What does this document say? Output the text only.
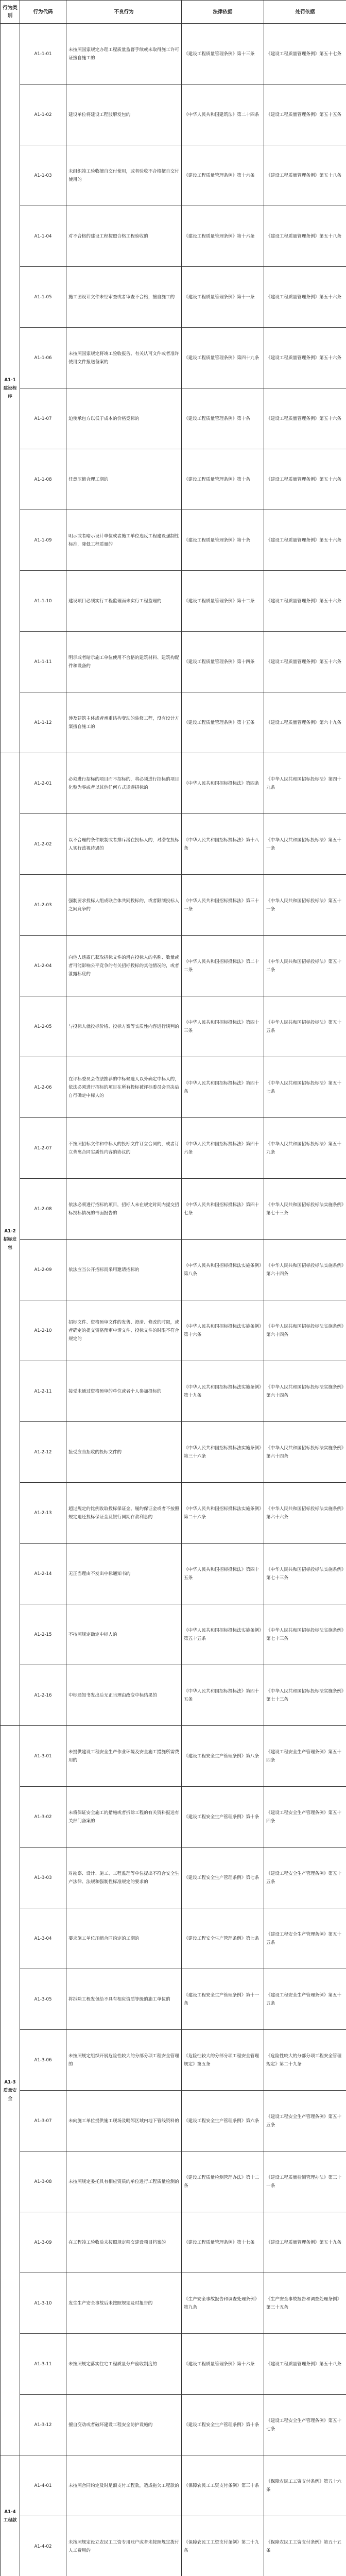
行为类别	行为代码	不良行为	法律依据	处罚依据
A1-1建设程序	A1-1-01	未按照国家规定办理工程质量监督手续或未取得施工许可证擅自施工的	《建设工程质量管理条例》第十三条	《建设工程质量管理条例》第五十七条
	A1-1-02	建设单位将建设工程肢解发包的	《中华人民共和国建筑法》第二十四条	《建设工程质量管理条例》第五十五条
	A1-1-03	未组织竣工验收擅自交付使用，或者验收不合格擅自交付使用的	《建设工程质量管理条例》第十六条	《建设工程质量管理条例》第五十八条
	A1-1-04	对不合格的建设工程按照合格工程验收的	《建设工程质量管理条例》第十六条	《建设工程质量管理条例》第五十八条
	A1-1-05	施工图设计文件未经审查或者审查不合格，擅自施工的	《建设工程质量管理条例》第十一条	《建设工程质量管理条例》第五十六条
	A1-1-06	未按照国家规定将竣工验收报告、有关认可文件或者准许使用文件报送备案的	《建设工程质量管理条例》第四十九条	《建设工程质量管理条例》第五十六条
	A1-1-07	迫使承包方以低于成本的价格竞标的	《建设工程质量管理条例》第十条	《建设工程质量管理条例》第五十六条
	A1-1-08	任意压缩合理工期的	《建设工程质量管理条例》第十条	《建设工程质量管理条例》第五十六条
	A1-1-09	明示或者暗示设计单位或者施工单位违反工程建设强制性标准，降低工程质量的	《建设工程质量管理条例》第十条	《建设工程质量管理条例》第五十六条
	A1-1-10	建设项目必须实行工程监理而未实行工程监理的	《建设工程质量管理条例》第十二条	《建设工程质量管理条例》第五十六条
	A1-1-11	明示或者暗示施工单位使用不合格的建筑材料、建筑构配件和设备的	《建设工程质量管理条例》第十四条	《建设工程质量管理条例》第五十六条
	A1-1-12	涉及建筑主体或者承重结构变动的装修工程，没有设计方案擅自施工的	《建设工程质量管理条例》第十五条	《建设工程质量管理条例》第六十九条
A1-2招标发包	A1-2-01	必须进行招标的项目而不招标的，将必须进行招标的项目化整为零或者以其他任何方式规避招标的	《中华人民共和国招标投标法》第四条	《中华人民共和国招标投标法》第四十九条
	A1-2-02	以不合理的条件限制或者排斥潜在投标人的，对潜在投标人实行歧视待遇的	《中华人民共和国招标投标法》第十八条	《中华人民共和国招标投标法》第五十一条
	A1-2-03	强制要求投标人组成联合体共同投标的，或者限制投标人之间竞争的	《中华人民共和国招标投标法》第三十一条	《中华人民共和国招标投标法》第五十一条
	A1-2-04	向他人透露已获取招标文件的潜在投标人的名称、数量或者可能影响公平竞争的有关招标投标的其他情况的，或者泄露标底的	《中华人民共和国招标投标法》第二十二条	《中华人民共和国招标投标法》第五十二条
	A1-2-05	与投标人就投标价格、投标方案等实质性内容进行谈判的	《中华人民共和国招标投标法》第四十三条	《中华人民共和国招标投标法》第五十五条
	A1-2-06	在评标委员会依法推荐的中标候选人以外确定中标人的，依法必须进行招标的项目在所有投标被评标委员会否决后自行确定中标人的	《中华人民共和国招标投标法》第四十条	《中华人民共和国招标投标法》第五十七条
	A1-2-07	不按照招标文件和中标人的投标文件订立合同的，或者订立背离合同实质性内容的协议的	《中华人民共和国招标投标法》第四十六条	《中华人民共和国招标投标法》第五十九条
	A1-2-08	依法必须进行招标的项目，招标人未在规定时间内提交招标投标情况的书面报告的	《中华人民共和国招标投标法》第四十七条	《中华人民共和国招标投标法实施条例》第七十三条
	A1-2-09	依法应当公开招标而采用邀请招标的	《中华人民共和国招标投标法实施条例》第八条	《中华人民共和国招标投标法实施条例》第六十四条
	A1-2-10	招标文件、资格预审文件的发售、澄清、修改的时限，或者确定的提交资格预审申请文件、投标文件的时限不符合规定的	《中华人民共和国招标投标法实施条例》第十六条	《中华人民共和国招标投标法实施条例》第六十四条
	A1-2-11	接受未通过资格预审的单位或者个人参加投标的	《中华人民共和国招标投标法实施条例》第十九条	《中华人民共和国招标投标法实施条例》第六十四条
	A1-2-12	接受应当拒收的投标文件的	《中华人民共和国招标投标法实施条例》第三十六条	《中华人民共和国招标投标法实施条例》第六十四条
	A1-2-13	超过规定的比例收取投标保证金、履约保证金或者不按照规定退还投标保证金及银行同期存款利息的	《中华人民共和国招标投标法实施条例》第二十六条	《中华人民共和国招标投标法实施条例》第六十六条
	A1-2-14	无正当理由不发出中标通知书的	《中华人民共和国招标投标法》第四十五条	《中华人民共和国招标投标法实施条例》第七十三条
	A1-2-15	不按照规定确定中标人的	《中华人民共和国招标投标法实施条例》第五十五条	《中华人民共和国招标投标法实施条例》第七十三条
	A1-2-16	中标通知书发出后无正当理由改变中标结果的	《中华人民共和国招标投标法》第四十五条	《中华人民共和国招标投标法实施条例》第七十三条
A1-3质量安全	A1-3-01	未提供建设工程安全生产作业环境及安全施工措施所需费用的	《建设工程安全生产管理条例》第八条	《建设工程安全生产管理条例》第五十四条
	A1-3-02	未将保证安全施工的措施或者拆除工程的有关资料报送有关部门备案的	《建设工程安全生产管理条例》第十条	《建设工程安全生产管理条例》第五十四条
	A1-3-03	对勘察、设计、施工、工程监理等单位提出不符合安全生产法律、法规和强制性标准规定的要求的	《建设工程安全生产管理条例》第七条	《建设工程安全生产管理条例》第五十五条
	A1-3-04	要求施工单位压缩合同约定的工期的	《建设工程安全生产管理条例》第七条	《建设工程安全生产管理条例》第五十五条
	A1-3-05	将拆除工程发包给不具有相应资质等级的施工单位的	《建设工程安全生产管理条例》第十一条	《建设工程安全生产管理条例》第五十五条
	A1-3-06	未按照规定组织开展危险性较大的分部分项工程安全管理的	《危险性较大的分部分项工程安全管理规定》第五条	《危险性较大的分部分项工程安全管理规定》第二十九条
	A1-3-07	未向施工单位提供施工现场及毗邻区域内地下管线资料的	《建设工程安全生产管理条例》第六条	《建设工程安全生产管理条例》第五十五条
	A1-3-08	未按照规定委托具有相应资质的单位进行工程质量检测的	《建设工程质量检测管理办法》第十二条	《建设工程质量检测管理办法》第三十一条
	A1-3-09	在工程竣工验收后未按照规定移交建设项目档案的	《建设工程质量管理条例》第十七条	《建设工程质量管理条例》第五十九条
	A1-3-10	发生生产安全事故后未按照规定及时报告的	《生产安全事故报告和调查处理条例》第九条	《生产安全事故报告和调查处理条例》第三十五条
	A1-3-11	未按照规定落实住宅工程质量分户验收制度的	《建设工程质量管理条例》第十六条	《建设工程质量管理条例》第五十八条
	A1-3-12	擅自变动或者破坏建设工程安全防护设施的	《建设工程安全生产管理条例》第十条	《建设工程安全生产管理条例》第五十七条
A1-4工程款	A1-4-01	未按照合同约定及时足额支付工程款，造成拖欠工程款的	《保障农民工工资支付条例》第三十条	《保障农民工工资支付条例》第五十六条
	A1-4-02	未按照规定设立农民工工资专用账户或者未按照规定拨付人工费用的	《保障农民工工资支付条例》第二十九条	《保障农民工工资支付条例》第五十五条
